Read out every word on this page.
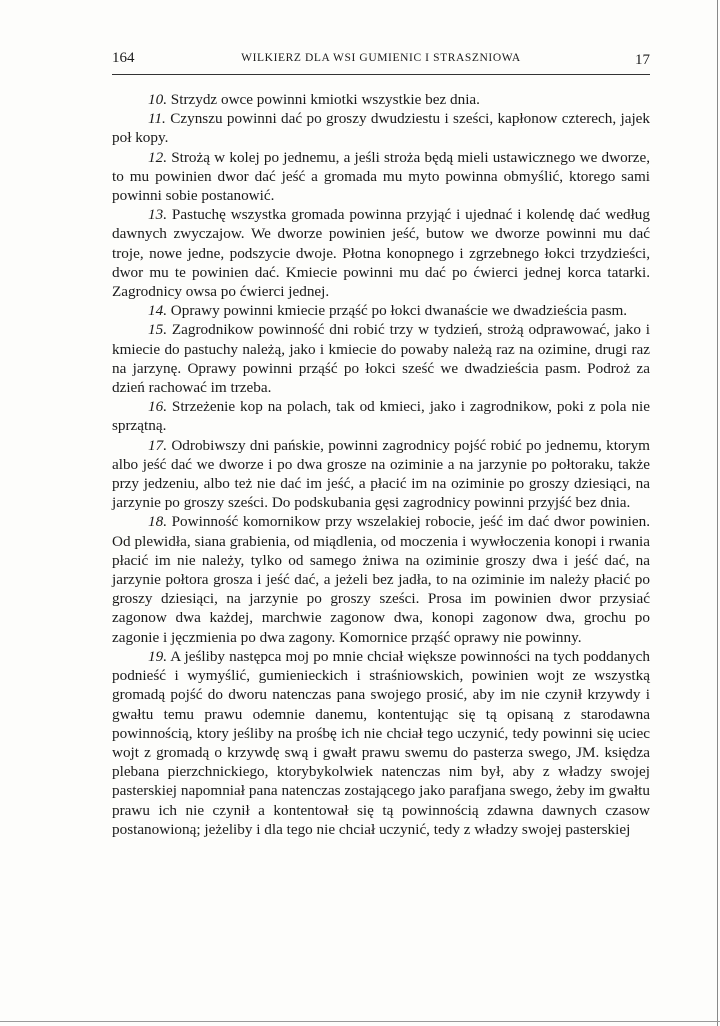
164	WILKIERZ DLA WSI GUMIENIC I STRASZNIOWA	17

10. Strzydz owce powinni kmiotki wszystkie bez dnia.

11. Czynszu powinni dać po groszy dwudziestu i sześci, kapłonow czterech, jajek poł kopy.

12. Strożą w kolej po jednemu, a jeśli stroża będą mieli ustawicznego we dworze, to mu powinien dwor dać jeść a gromada mu myto powinna obmyślić, ktorego sami powinni sobie postanowić.

13. Pastuchę wszystka gromada powinna przyjąć i ujednać i kolendę dać według dawnych zwyczajow. We dworze powinien jeść, butow we dworze powinni mu dać troje, nowe jedne, podszycie dwoje. Płotna konopnego i zgrzebnego łokci trzydzieści, dwor mu te powinien dać. Kmiecie powinni mu dać po ćwierci jednej korca tatarki. Zagrodnicy owsa po ćwierci jednej.

14. Oprawy powinni kmiecie prząść po łokci dwanaście we dwadzieścia pasm.

15. Zagrodnikow powinność dni robić trzy w tydzień, strożą odprawować, jako i kmiecie do pastuchy należą, jako i kmiecie do powaby należą raz na ozimine, drugi raz na jarzynę. Oprawy powinni prząść po łokci sześć we dwadzieścia pasm. Podroż za dzień rachować im trzeba.

16. Strzeżenie kop na polach, tak od kmieci, jako i zagrodnikow, poki z pola nie sprzątną.

17. Odrobiwszy dni pańskie, powinni zagrodnicy pojść robić po jednemu, ktorym albo jeść dać we dworze i po dwa grosze na oziminie a na jarzynie po połtoraku, także przy jedzeniu, albo też nie dać im jeść, a płacić im na oziminie po groszy dziesiąci, na jarzynie po groszy sześci. Do podskubania gęsi zagrodnicy powinni przyjść bez dnia.

18. Powinność komornikow przy wszelakiej robocie, jeść im dać dwor powinien. Od plewidła, siana grabienia, od miądlenia, od moczenia i wywłoczenia konopi i rwania płacić im nie należy, tylko od samego żniwa na oziminie groszy dwa i jeść dać, na jarzynie połtora grosza i jeść dać, a jeżeli bez jadła, to na oziminie im należy płacić po groszy dziesiąci, na jarzynie po groszy sześci. Prosa im powinien dwor przysiać zagonow dwa każdej, marchwie zagonow dwa, konopi zagonow dwa, grochu po zagonie i jęczmienia po dwa zagony. Komornice prząść oprawy nie powinny.

19. A jeśliby następca moj po mnie chciał większe powinności na tych poddanych podnieść i wymyślić, gumienieckich i straśniowskich, powinien wojt ze wszystką gromadą pojść do dworu natenczas pana swojego prosić, aby im nie czynił krzywdy i gwałtu temu prawu odemnie danemu, kontentując się tą opisaną z starodawna powinnością, ktory jeśliby na prośbę ich nie chciał tego uczynić, tedy powinni się uciec wojt z gromadą o krzywdę swą i gwałt prawu swemu do pasterza swego, JM. księdza plebana pierzchnickiego, ktorybykolwiek natenczas nim był, aby z władzy swojej pasterskiej napomniał pana natenczas zostającego jako parafjana swego, żeby im gwałtu prawu ich nie czynił a kontentował się tą powinnością zdawna dawnych czasow postanowioną; jeżeliby i dla tego nie chciał uczynić, tedy z władzy swojej pasterskiej
